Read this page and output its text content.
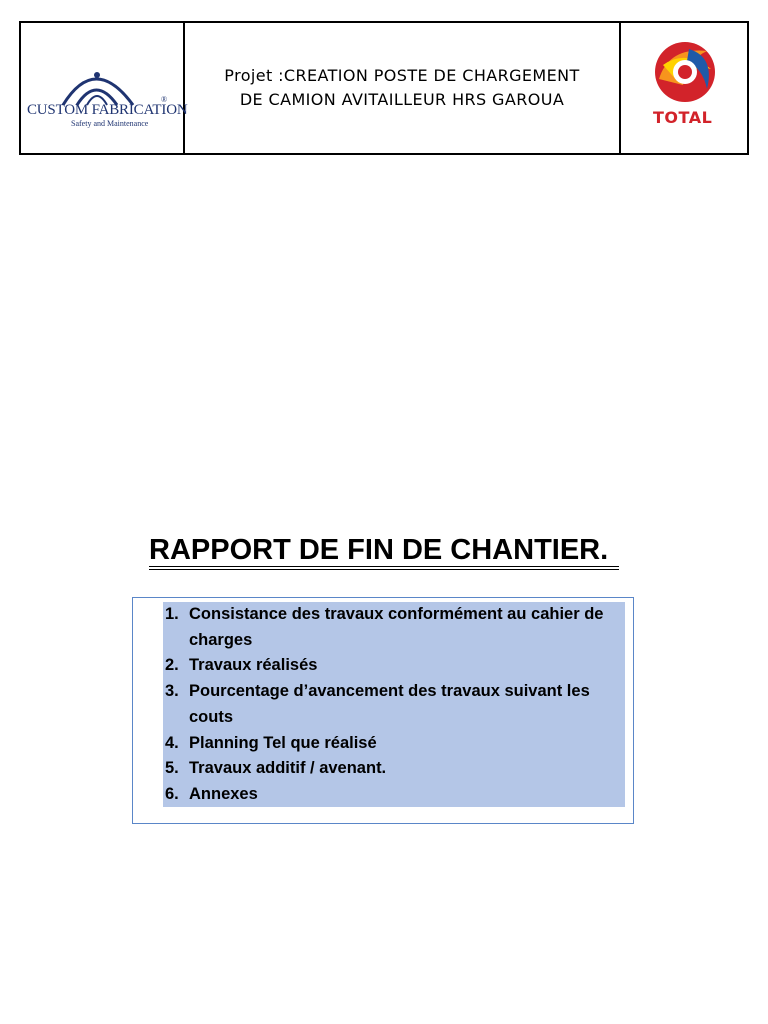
CUSTOM FABRICATION
®
Safety and Maintenance
Projet :CREATION POSTE DE CHARGEMENT
DE CAMION AVITAILLEUR HRS GAROUA
TOTAL
RAPPORT DE FIN DE CHANTIER.
1. Consistance des travaux conformément au cahier de charges
2. Travaux réalisés
3. Pourcentage d’avancement des travaux suivant les couts
4. Planning Tel que réalisé
5. Travaux additif / avenant.
6. Annexes
